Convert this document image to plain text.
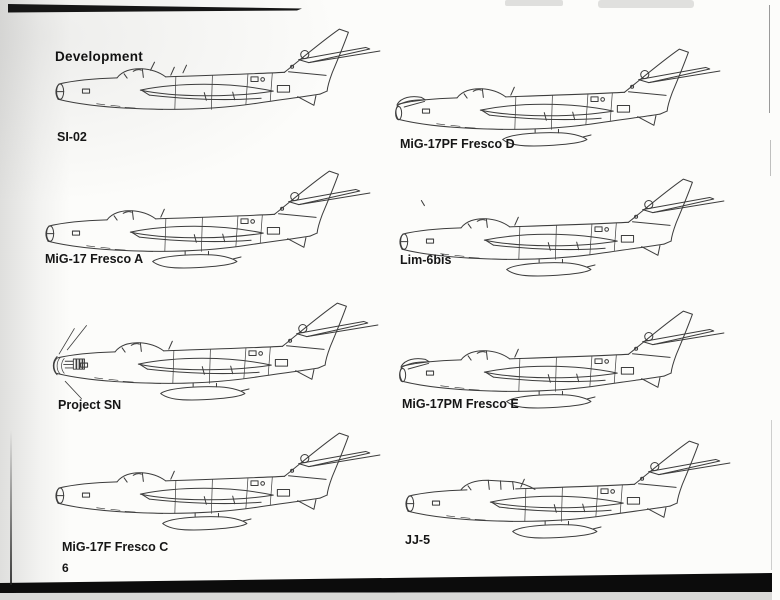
Development
SI-02	MiG-17PF Fresco D
MiG-17 Fresco A	Lim-6bis
Project SN	MiG-17PM Fresco E
MiG-17F Fresco C	JJ-5
6
